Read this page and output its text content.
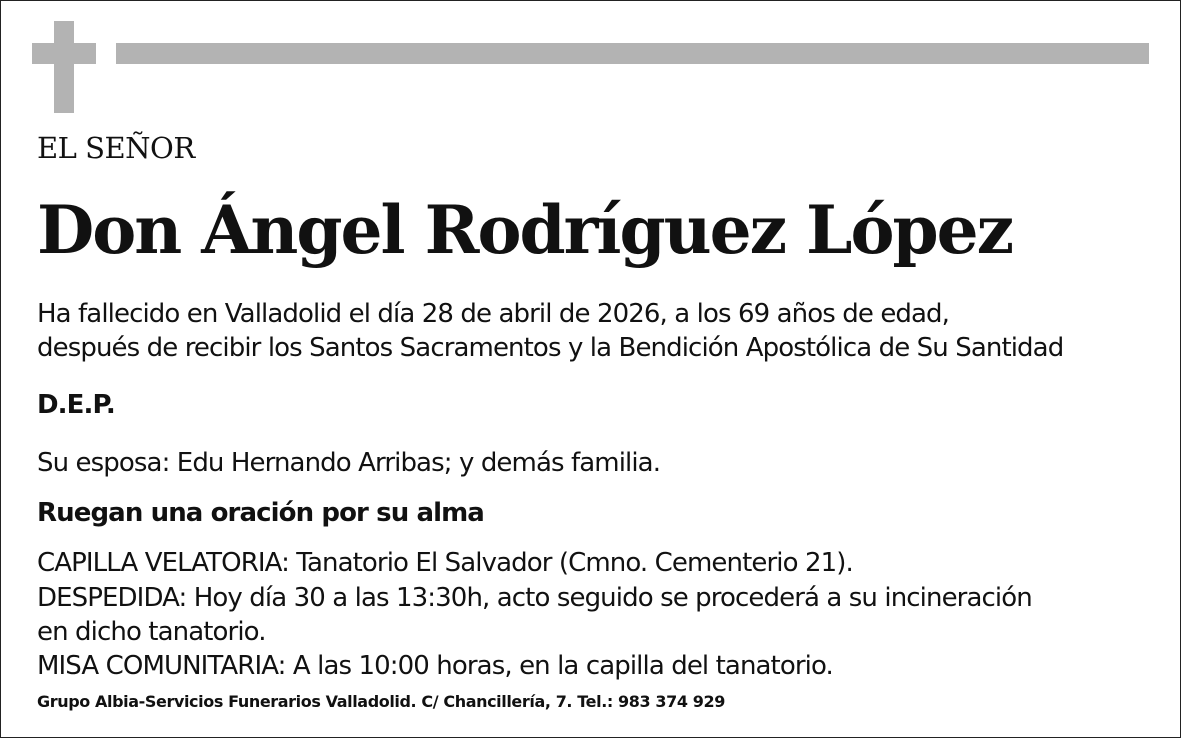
EL SEÑOR

Don Ángel Rodríguez López

Ha fallecido en Valladolid el día 28 de abril de 2026, a los 69 años de edad,

después de recibir los Santos Sacramentos y la Bendición Apostólica de Su Santidad

D.E.P.

Su esposa: Edu Hernando Arribas; y demás familia.

Ruegan una oración por su alma

CAPILLA VELATORIA: Tanatorio El Salvador (Cmno. Cementerio 21).

DESPEDIDA: Hoy día 30 a las 13:30h, acto seguido se procederá a su incineración

en dicho tanatorio.

MISA COMUNITARIA: A las 10:00 horas, en la capilla del tanatorio.

Grupo Albia-Servicios Funerarios Valladolid. C/ Chancillería, 7. Tel.: 983 374 929
